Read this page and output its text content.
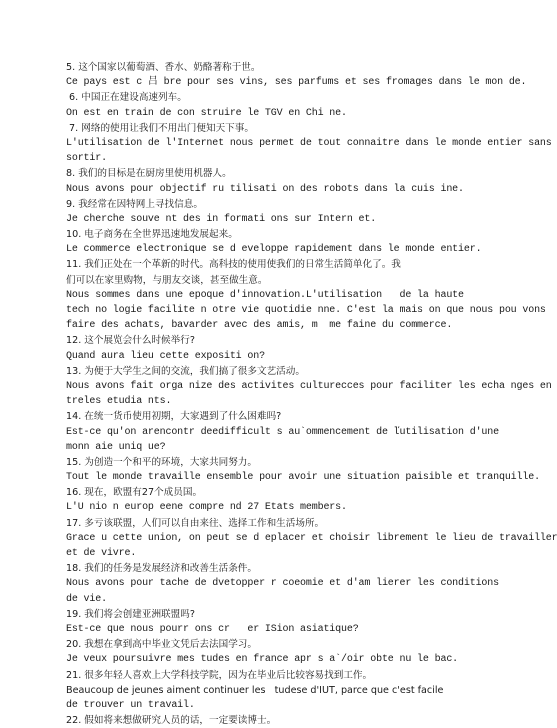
5. 这个国家以葡萄酒、香水、奶酪著称于世。
Ce pays est c 吕 bre pour ses vins, ses parfums et ses fromages dans le mon de.
6. 中国正在建设高速列车。
On est en train de con struire le TGV en Chi ne.
7. 网络的使用让我们不用出门便知天下事。
L'utilisation de l'Internet nous permet de tout connaitre dans le monde entier sans
sortir.
8. 我们的目标是在厨房里使用机器人。
Nous avons pour objectif ru tilisati on des robots dans la cuis ine.
9. 我经常在因特网上寻找信息。
Je cherche souve nt des in formati ons sur Intern et.
10. 电子商务在全世界迅速地发展起来。
Le commerce electronique se d eveloppe rapidement dans le monde entier.
11. 我们正处在一个革新的时代。高科技的使用使我们的日常生活简单化了。我
们可以在家里购物，与朋友交谈，甚至做生意。
Nous sommes dans une epoque d'innovation.L'utilisation   de la haute
tech no logie facilite n otre vie quotidie nne. C'est la mais on que nous pou vons
faire des achats, bavarder avec des amis, m  me faine du commerce.
12. 这个展览会什么时候举行?
Quand aura lieu cette expositi on?
13. 为便于大学生之间的交流，我们搞了很多文艺活动。
Nous avons fait orga nize des activites culturecces pour faciliter les echa nges en
treles etudia nts.
14. 在统一货币使用初期，大家遇到了什么困难吗?
Est-ce qu'on arencontr deedifficult s au`ommencement de ľutilisation d'une
monn aie uniq ue?
15. 为创造一个和平的环境，大家共同努力。
Tout le monde travaille ensemble pour avoir une situation paisible et tranquille.
16. 现在，欧盟有27个成员国。
L'U nio n europ eene compre nd 27 Etats members.
17. 多亏该联盟，人们可以自由来往、选择工作和生活场所。
Grace u cette union, on peut se d eplacer et choisir librement le lieu de travailler
et de vivre.
18. 我们的任务是发展经济和改善生活条件。
Nous avons pour tache de dvetopper r coeomie et d'am lierer les conditions
de vie.
19. 我们将会创建亚洲联盟吗?
Est-ce que nous pourr ons cr   er ISion asiatique?
20. 我想在拿到高中毕业文凭后去法国学习。
Je veux poursuivre mes tudes en france apr s a`/oir obte nu le bac.
21. 很多年轻人喜欢上大学科技学院，因为在毕业后比较容易找到工作。
Beaucoup de jeunes aiment continuer les   tudese d'IUT, parce que c'est facile
de trouver un travail.
22. 假如将来想做研究人员的话，一定要读博士。
